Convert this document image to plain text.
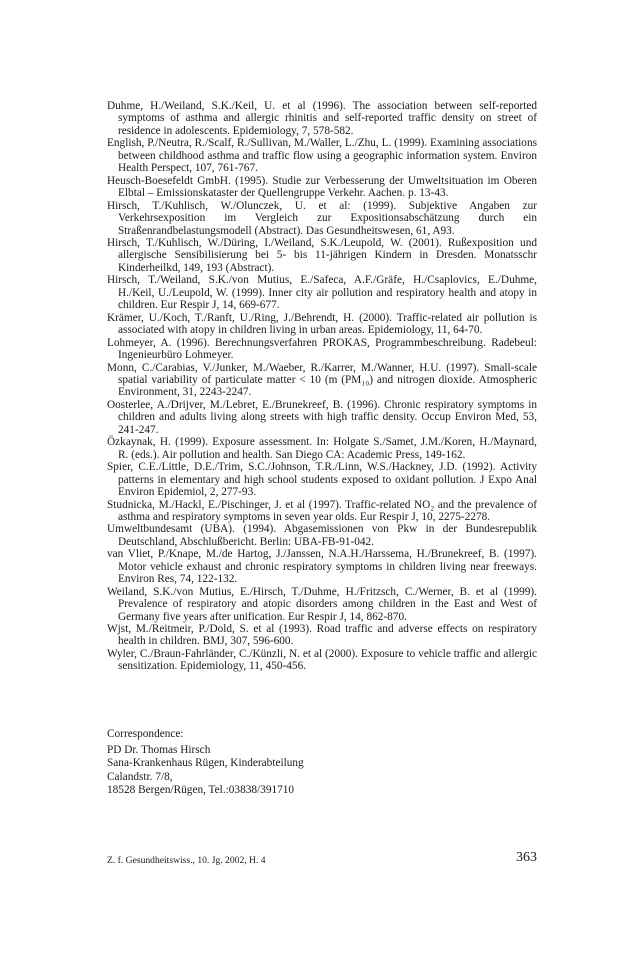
Duhme, H./Weiland, S.K./Keil, U. et al (1996). The association between self-reported symptoms of asthma and allergic rhinitis and self-reported traffic density on street of residence in adolescents. Epidemiology, 7, 578-582.
English, P./Neutra, R./Scalf, R./Sullivan, M./Waller, L./Zhu, L. (1999). Examining associations between childhood asthma and traffic flow using a geographic information system. Environ Health Perspect, 107, 761-767.
Heusch-Boesefeldt GmbH. (1995). Studie zur Verbesserung der Umweltsituation im Oberen Elbtal – Emissionskataster der Quellengruppe Verkehr. Aachen. p. 13-43.
Hirsch, T./Kuhlisch, W./Olunczek, U. et al: (1999). Subjektive Angaben zur Verkehrsexposition im Vergleich zur Expositionsabschätzung durch ein Straßenrandbelastungsmodell (Abstract). Das Gesundheitswesen, 61, A93.
Hirsch, T./Kuhlisch, W./Düring, I./Weiland, S.K./Leupold, W. (2001). Rußexposition und allergische Sensibilisierung bei 5- bis 11-jährigen Kindern in Dresden. Monatsschr Kinderheilkd, 149, 193 (Abstract).
Hirsch, T./Weiland, S.K./von Mutius, E./Safeca, A.F./Gräfe, H./Csaplovics, E./Duhme, H./Keil, U./Leupold, W. (1999). Inner city air pollution and respiratory health and atopy in children. Eur Respir J, 14, 669-677.
Krämer, U./Koch, T./Ranft, U./Ring, J./Behrendt, H. (2000). Traffic-related air pollution is associated with atopy in children living in urban areas. Epidemiology, 11, 64-70.
Lohmeyer, A. (1996). Berechnungsverfahren PROKAS, Programmbeschreibung. Radebeul: Ingenieurbüro Lohmeyer.
Monn, C./Carabias, V./Junker, M./Waeber, R./Karrer, M./Wanner, H.U. (1997). Small-scale spatial variability of particulate matter < 10 (m (PM₁₀) and nitrogen dioxide. Atmospheric Environment, 31, 2243-2247.
Oosterlee, A./Drijver, M./Lebret, E./Brunekreef, B. (1996). Chronic respiratory symptoms in children and adults living along streets with high traffic density. Occup Environ Med, 53, 241-247.
Özkaynak, H. (1999). Exposure assessment. In: Holgate S./Samet, J.M./Koren, H./Maynard, R. (eds.). Air pollution and health. San Diego CA: Academic Press, 149-162.
Spier, C.E./Little, D.E./Trim, S.C./Johnson, T.R./Linn, W.S./Hackney, J.D. (1992). Activity patterns in elementary and high school students exposed to oxidant pollution. J Expo Anal Environ Epidemiol, 2, 277-93.
Studnicka, M./Hackl, E./Pischinger, J. et al (1997). Traffic-related NO₂ and the prevalence of asthma and respiratory symptoms in seven year olds. Eur Respir J, 10, 2275-2278.
Umweltbundesamt (UBA). (1994). Abgasemissionen von Pkw in der Bundesrepublik Deutschland, Abschlußbericht. Berlin: UBA-FB-91-042.
van Vliet, P./Knape, M./de Hartog, J./Janssen, N.A.H./Harssema, H./Brunekreef, B. (1997). Motor vehicle exhaust and chronic respiratory symptoms in children living near freeways. Environ Res, 74, 122-132.
Weiland, S.K./von Mutius, E./Hirsch, T./Duhme, H./Fritzsch, C./Werner, B. et al (1999). Prevalence of respiratory and atopic disorders among children in the East and West of Germany five years after unification. Eur Respir J, 14, 862-870.
Wjst, M./Reitmeir, P./Dold, S. et al (1993). Road traffic and adverse effects on respiratory health in children. BMJ, 307, 596-600.
Wyler, C./Braun-Fahrländer, C./Künzli, N. et al (2000). Exposure to vehicle traffic and allergic sensitization. Epidemiology, 11, 450-456.

Correspondence:

PD Dr. Thomas Hirsch

Sana-Krankenhaus Rügen, Kinderabteilung

Calandstr. 7/8,

18528 Bergen/Rügen, Tel.:03838/391710

Z. f. Gesundheitswiss., 10. Jg. 2002, H. 4	363
